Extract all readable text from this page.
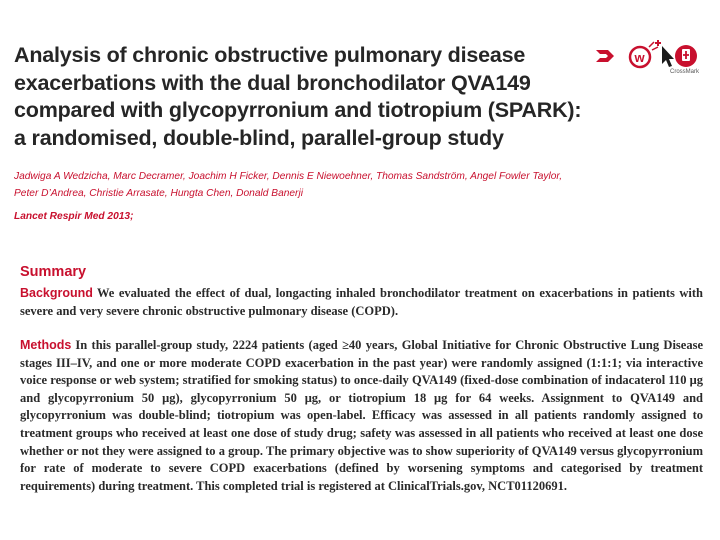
Analysis of chronic obstructive pulmonary disease
exacerbations with the dual bronchodilator QVA149
compared with glycopyrronium and tiotropium (SPARK):
a randomised, double-blind, parallel-group study
w
CrossMark

Jadwiga A Wedzicha, Marc Decramer, Joachim H Ficker, Dennis E Niewoehner, Thomas Sandström, Angel Fowler Taylor, Peter D’Andrea, Christie Arrasate, Hungta Chen, Donald Banerji

Lancet Respir Med 2013;
Summary

Background We evaluated the effect of dual, longacting inhaled bronchodilator treatment on exacerbations in patients with severe and very severe chronic obstructive pulmonary disease (COPD).

Methods In this parallel-group study, 2224 patients (aged ≥40 years, Global Initiative for Chronic Obstructive Lung Disease stages III–IV, and one or more moderate COPD exacerbation in the past year) were randomly assigned (1:1:1; via interactive voice response or web system; stratified for smoking status) to once-daily QVA149 (fixed-dose combination of indacaterol 110 μg and glycopyrronium 50 μg), glycopyrronium 50 μg, or tiotropium 18 μg for 64 weeks. Assignment to QVA149 and glycopyrronium was double-blind; tiotropium was open-label. Efficacy was assessed in all patients randomly assigned to treatment groups who received at least one dose of study drug; safety was assessed in all patients who received at least one dose whether or not they were assigned to a group. The primary objective was to show superiority of QVA149 versus glycopyrronium for rate of moderate to severe COPD exacerbations (defined by worsening symptoms and categorised by treatment requirements) during treatment. This completed trial is registered at ClinicalTrials.gov, NCT01120691.
